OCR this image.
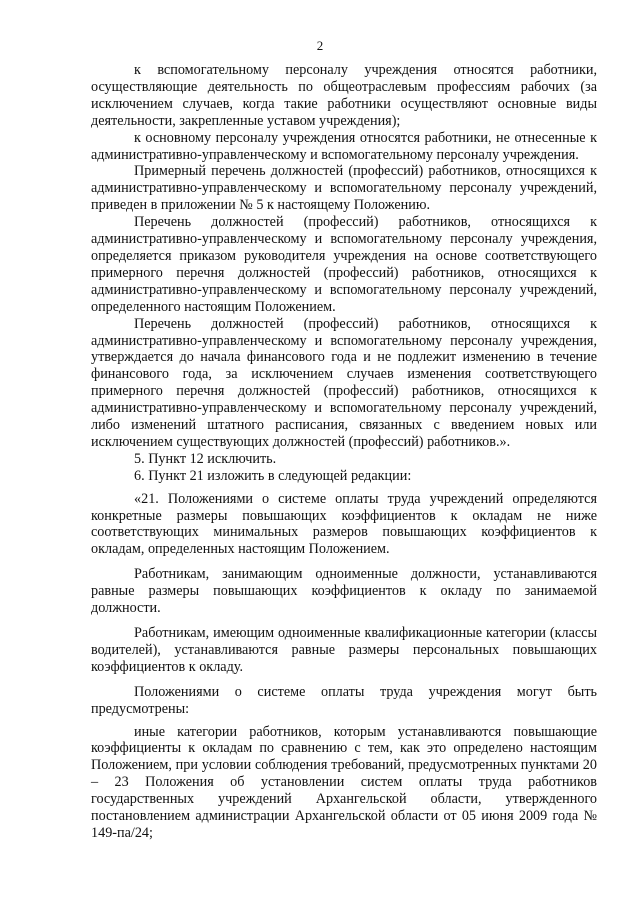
2

к вспомогательному персоналу учреждения относятся работники, осуществляющие деятельность по общеотраслевым профессиям рабочих (за исключением случаев, когда такие работники осуществляют основные виды деятельности, закрепленные уставом учреждения);

к основному персоналу учреждения относятся работники, не отнесенные к административно-управленческому и вспомогательному персоналу учреждения.

Примерный перечень должностей (профессий) работников, относящихся к административно-управленческому и вспомогательному персоналу учреждений, приведен в приложении № 5 к настоящему Положению.

Перечень должностей (профессий) работников, относящихся к административно-управленческому и вспомогательному персоналу учреждения, определяется приказом руководителя учреждения на основе соответствующего примерного перечня должностей (профессий) работников, относящихся к административно-управленческому и вспомогательному персоналу учреждений, определенного настоящим Положением.

Перечень должностей (профессий) работников, относящихся к административно-управленческому и вспомогательному персоналу учреждения, утверждается до начала финансового года и не подлежит изменению в течение финансового года, за исключением случаев изменения соответствующего примерного перечня должностей (профессий) работников, относящихся к административно-управленческому и вспомогательному персоналу учреждений, либо изменений штатного расписания, связанных с введением новых или исключением существующих должностей (профессий) работников.».

5. Пункт 12 исключить.

6. Пункт 21 изложить в следующей редакции:

«21. Положениями о системе оплаты труда учреждений определяются конкретные размеры повышающих коэффициентов к окладам не ниже соответствующих минимальных размеров повышающих коэффициентов к окладам, определенных настоящим Положением.

Работникам, занимающим одноименные должности, устанавливаются равные размеры повышающих коэффициентов к окладу по занимаемой должности.

Работникам, имеющим одноименные квалификационные категории (классы водителей), устанавливаются равные размеры персональных повышающих коэффициентов к окладу.

Положениями о системе оплаты труда учреждения могут быть предусмотрены:

иные категории работников, которым устанавливаются повышающие коэффициенты к окладам по сравнению с тем, как это определено настоящим Положением, при условии соблюдения требований, предусмотренных пунктами 20 – 23 Положения об установлении систем оплаты труда работников государственных учреждений Архангельской области, утвержденного постановлением администрации Архангельской области от 05 июня 2009 года № 149-па/24;
